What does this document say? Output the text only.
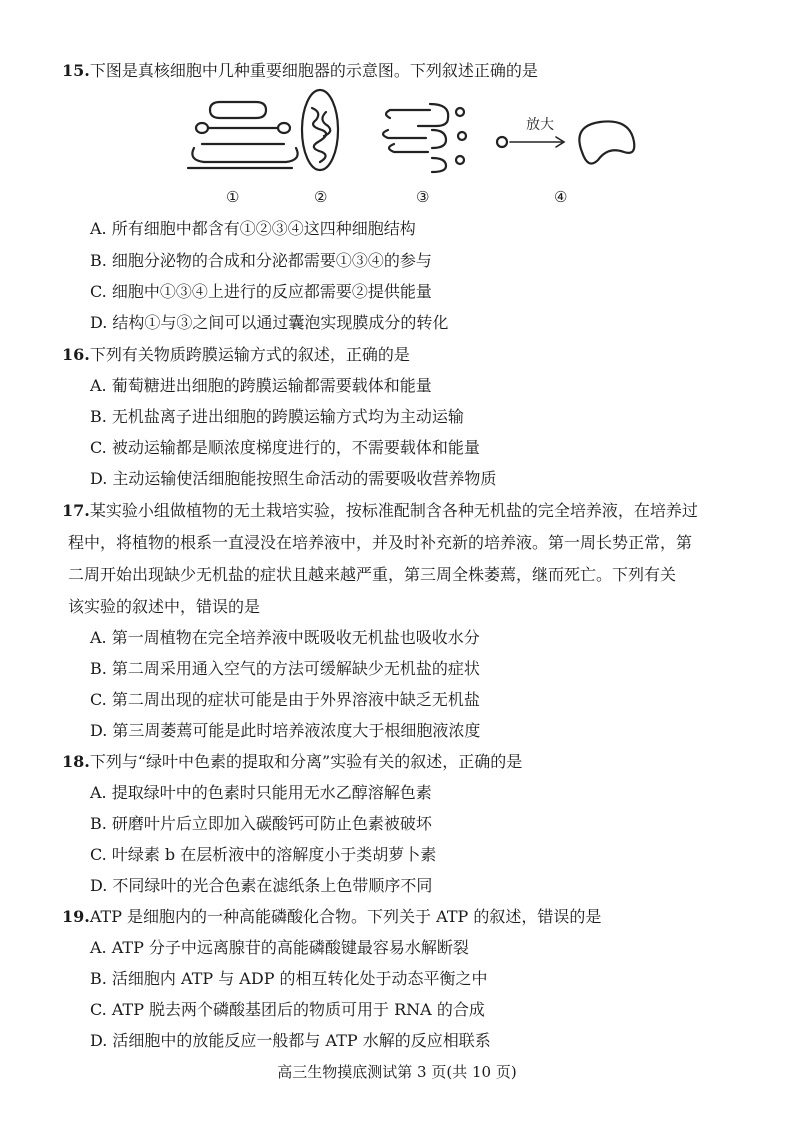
15.下图是真核细胞中几种重要细胞器的示意图。下列叙述正确的是
放大
①	②	③	④
A. 所有细胞中都含有①②③④这四种细胞结构
B. 细胞分泌物的合成和分泌都需要①③④的参与
C. 细胞中①③④上进行的反应都需要②提供能量
D. 结构①与③之间可以通过囊泡实现膜成分的转化
16.下列有关物质跨膜运输方式的叙述，正确的是
A. 葡萄糖进出细胞的跨膜运输都需要载体和能量
B. 无机盐离子进出细胞的跨膜运输方式均为主动运输
C. 被动运输都是顺浓度梯度进行的，不需要载体和能量
D. 主动运输使活细胞能按照生命活动的需要吸收营养物质
17.某实验小组做植物的无土栽培实验，按标准配制含各种无机盐的完全培养液，在培养过
程中，将植物的根系一直浸没在培养液中，并及时补充新的培养液。第一周长势正常，第
二周开始出现缺少无机盐的症状且越来越严重，第三周全株萎蔫，继而死亡。下列有关
该实验的叙述中，错误的是
A. 第一周植物在完全培养液中既吸收无机盐也吸收水分
B. 第二周采用通入空气的方法可缓解缺少无机盐的症状
C. 第二周出现的症状可能是由于外界溶液中缺乏无机盐
D. 第三周萎蔫可能是此时培养液浓度大于根细胞液浓度
18.下列与“绿叶中色素的提取和分离”实验有关的叙述，正确的是
A. 提取绿叶中的色素时只能用无水乙醇溶解色素
B. 研磨叶片后立即加入碳酸钙可防止色素被破坏
C. 叶绿素 b 在层析液中的溶解度小于类胡萝卜素
D. 不同绿叶的光合色素在滤纸条上色带顺序不同
19.ATP 是细胞内的一种高能磷酸化合物。下列关于 ATP 的叙述，错误的是
A. ATP 分子中远离腺苷的高能磷酸键最容易水解断裂
B. 活细胞内 ATP 与 ADP 的相互转化处于动态平衡之中
C. ATP 脱去两个磷酸基团后的物质可用于 RNA 的合成
D. 活细胞中的放能反应一般都与 ATP 水解的反应相联系
高三生物摸底测试第 3 页(共 10 页)
